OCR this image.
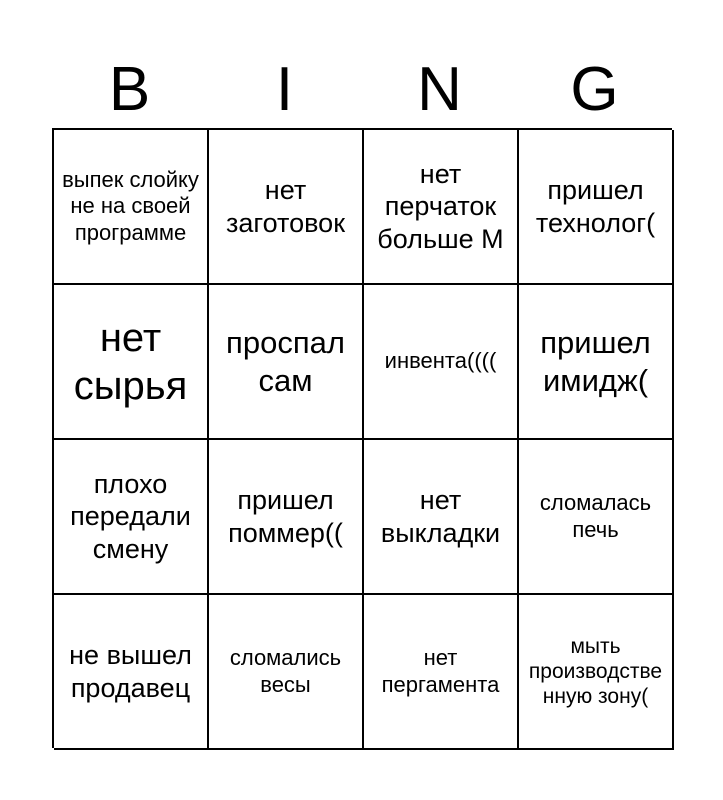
B	I	N	G
выпек слойку не на своей программе
нет заготовок
нет перчаток больше М
пришел технолог(
нет сырья
проспал сам
инвента((((
пришел имидж(
плохо передали смену
пришел поммер((
нет выкладки
сломалась печь
не вышел продавец
сломались весы
нет пергамента
мыть производственную зону(
